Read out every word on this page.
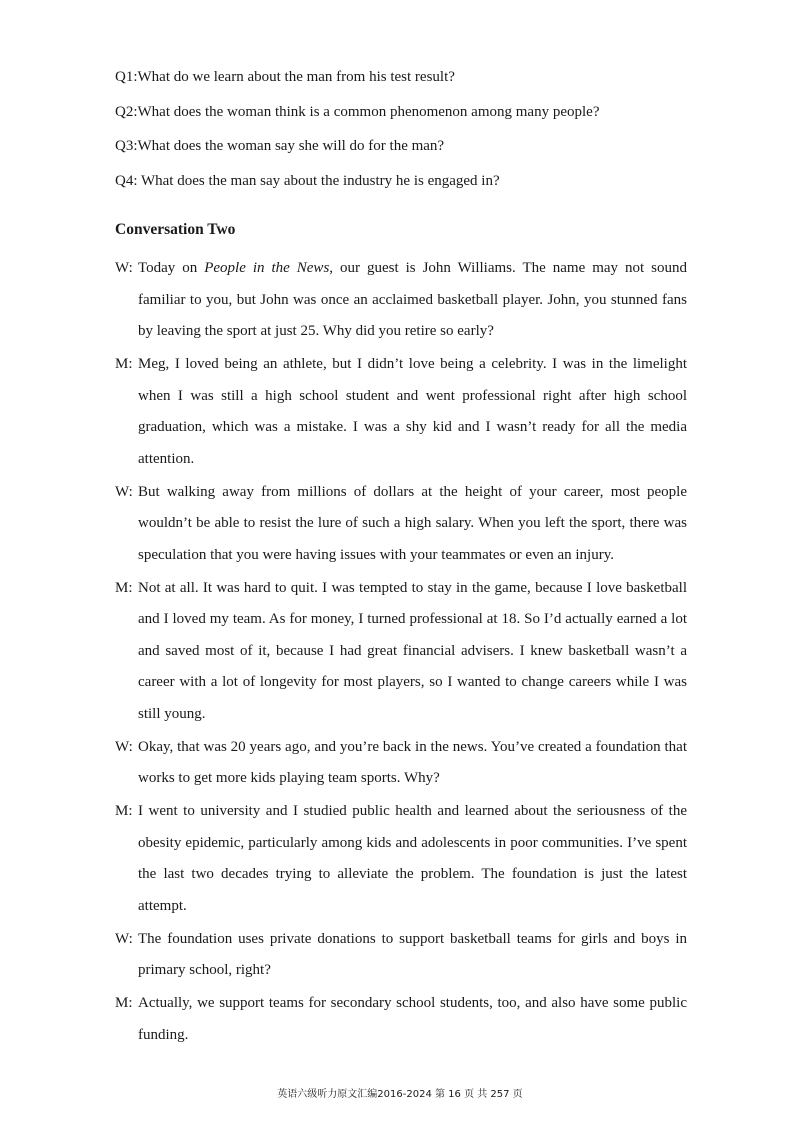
Q1:What do we learn about the man from his test result?
Q2:What does the woman think is a common phenomenon among many people?
Q3:What does the woman say she will do for the man?
Q4: What does the man say about the industry he is engaged in?
Conversation Two
W: Today on People in the News, our guest is John Williams. The name may not sound familiar to you, but John was once an acclaimed basketball player. John, you stunned fans by leaving the sport at just 25. Why did you retire so early?
M: Meg, I loved being an athlete, but I didn’t love being a celebrity. I was in the limelight when I was still a high school student and went professional right after high school graduation, which was a mistake. I was a shy kid and I wasn’t ready for all the media attention.
W: But walking away from millions of dollars at the height of your career, most people wouldn’t be able to resist the lure of such a high salary. When you left the sport, there was speculation that you were having issues with your teammates or even an injury.
M: Not at all. It was hard to quit. I was tempted to stay in the game, because I love basketball and I loved my team. As for money, I turned professional at 18. So I’d actually earned a lot and saved most of it, because I had great financial advisers. I knew basketball wasn’t a career with a lot of longevity for most players, so I wanted to change careers while I was still young.
W: Okay, that was 20 years ago, and you’re back in the news. You’ve created a foundation that works to get more kids playing team sports. Why?
M: I went to university and I studied public health and learned about the seriousness of the obesity epidemic, particularly among kids and adolescents in poor communities. I’ve spent the last two decades trying to alleviate the problem. The foundation is just the latest attempt.
W: The foundation uses private donations to support basketball teams for girls and boys in primary school, right?
M: Actually, we support teams for secondary school students, too, and also have some public funding.
英语六级听力原文汇编2016-2024 第 16 页 共 257 页
